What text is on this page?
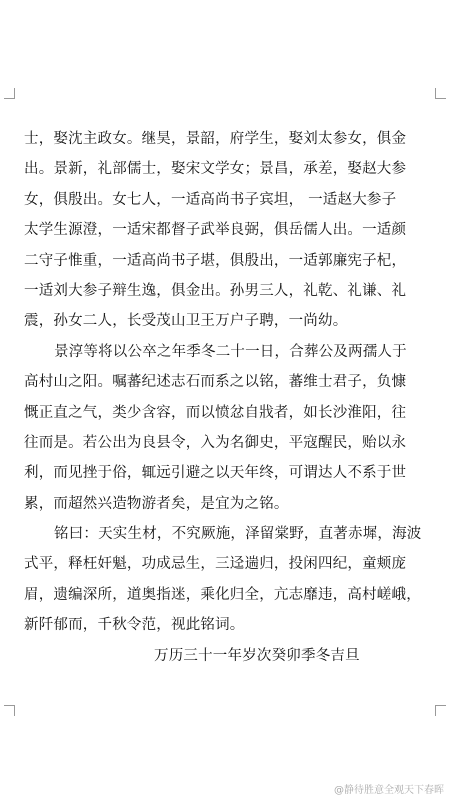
士，娶沈主政女。继昊，景韶，府学生，娶刘太参女，俱金
出。景新，礼部儒士，娶宋文学女；景昌，承差，娶赵大参
女，俱殷出。女七人，一适高尚书子宾坦， 一适赵大参子
太学生源澄，一适宋都督子武举良弼，俱岳儒人出。一适颜
二守子惟重，一适高尚书子堪，俱殷出，一适郭廉宪子杞，
一适刘大参子辩生逸，俱金出。孙男三人，礼乾、礼谦、礼
震，孙女二人，长受茂山卫王万户子聘，一尚幼。
景淳等将以公卒之年季冬二十一日，合葬公及两孺人于
高村山之阳。嘱蕃纪述志石而系之以铭，蕃维士君子，负慷
慨正直之气，类少含容，而以愤忿自戕者，如长沙淮阳，往
往而是。若公出为良县令，入为名御史，平寇醒民，贻以永
利，而见挫于俗，辄远引避之以天年终，可谓达人不系于世
累，而超然兴造物游者矣，是宜为之铭。
铭曰：天实生材，不究厥施，泽留棠野，直著赤墀，海波
式平，释枉奸魁，功成忌生，三迳遄归，投闲四纪，童颊庞
眉，遗编深所，道奥指迷，乘化归全，亢志靡违，高村嵯峨，
新阡郁而，千秋令范，视此铭词。
万历三十一年岁次癸卯季冬吉旦
@静待胜意全观天下春晖
